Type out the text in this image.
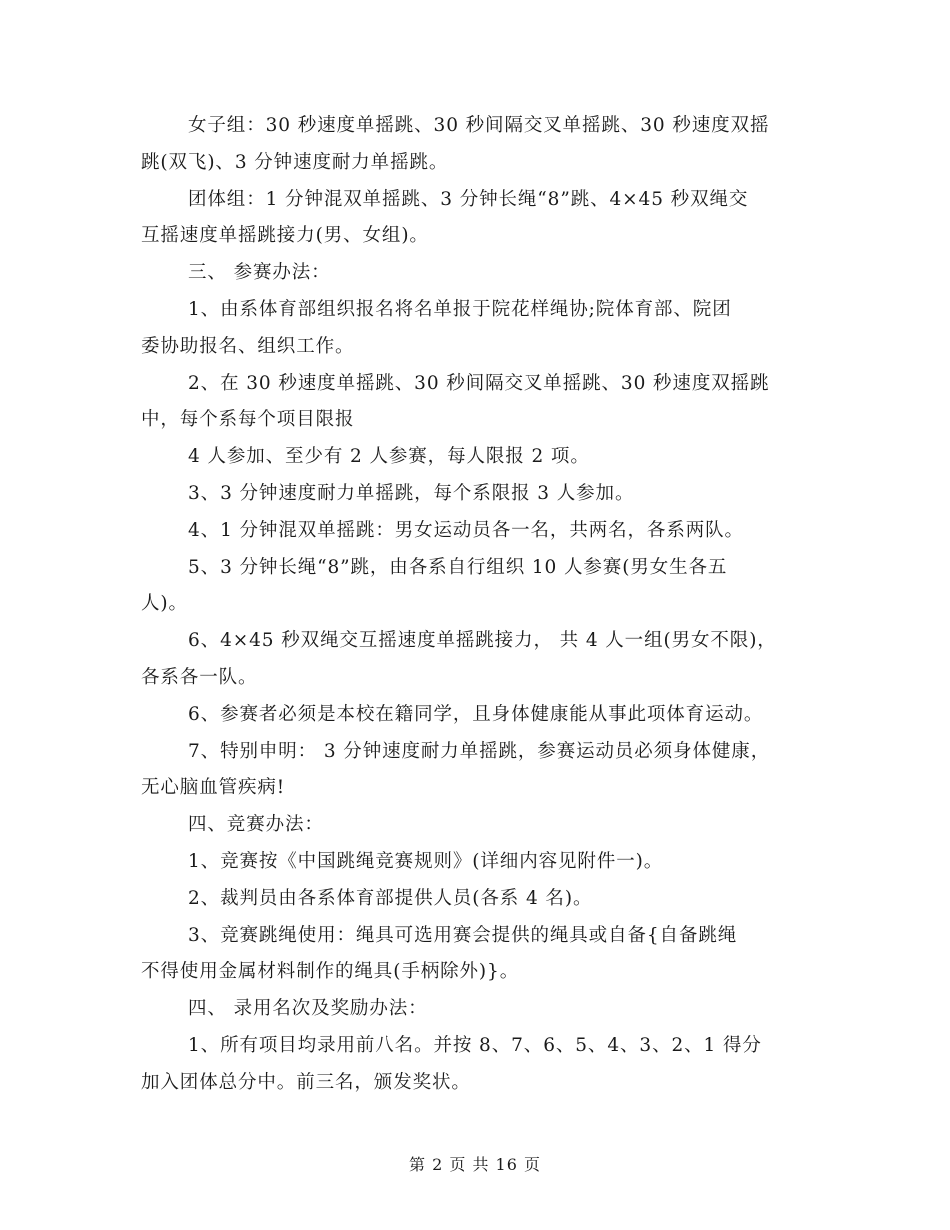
女子组：30 秒速度单摇跳、30 秒间隔交叉单摇跳、30 秒速度双摇
跳(双飞)、3 分钟速度耐力单摇跳。
团体组：1 分钟混双单摇跳、3 分钟长绳“8”跳、4×45 秒双绳交
互摇速度单摇跳接力(男、女组)。
三、 参赛办法：
1、由系体育部组织报名将名单报于院花样绳协;院体育部、院团
委协助报名、组织工作。
2、在 30 秒速度单摇跳、30 秒间隔交叉单摇跳、30 秒速度双摇跳
中，每个系每个项目限报
4 人参加、至少有 2 人参赛，每人限报 2 项。
3、3 分钟速度耐力单摇跳，每个系限报 3 人参加。
4、1 分钟混双单摇跳：男女运动员各一名，共两名，各系两队。
5、3 分钟长绳“8”跳，由各系自行组织 10 人参赛(男女生各五
人)。
6、4×45 秒双绳交互摇速度单摇跳接力， 共 4 人一组(男女不限)，
各系各一队。
6、参赛者必须是本校在籍同学，且身体健康能从事此项体育运动。
7、特别申明： 3 分钟速度耐力单摇跳，参赛运动员必须身体健康，
无心脑血管疾病!
四、竞赛办法：
1、竞赛按《中国跳绳竞赛规则》(详细内容见附件一)。
2、裁判员由各系体育部提供人员(各系 4 名)。
3、竞赛跳绳使用：绳具可选用赛会提供的绳具或自备{自备跳绳
不得使用金属材料制作的绳具(手柄除外)}。
四、 录用名次及奖励办法：
1、所有项目均录用前八名。并按 8、7、6、5、4、3、2、1 得分
加入团体总分中。前三名，颁发奖状。
第 2 页 共 16 页
